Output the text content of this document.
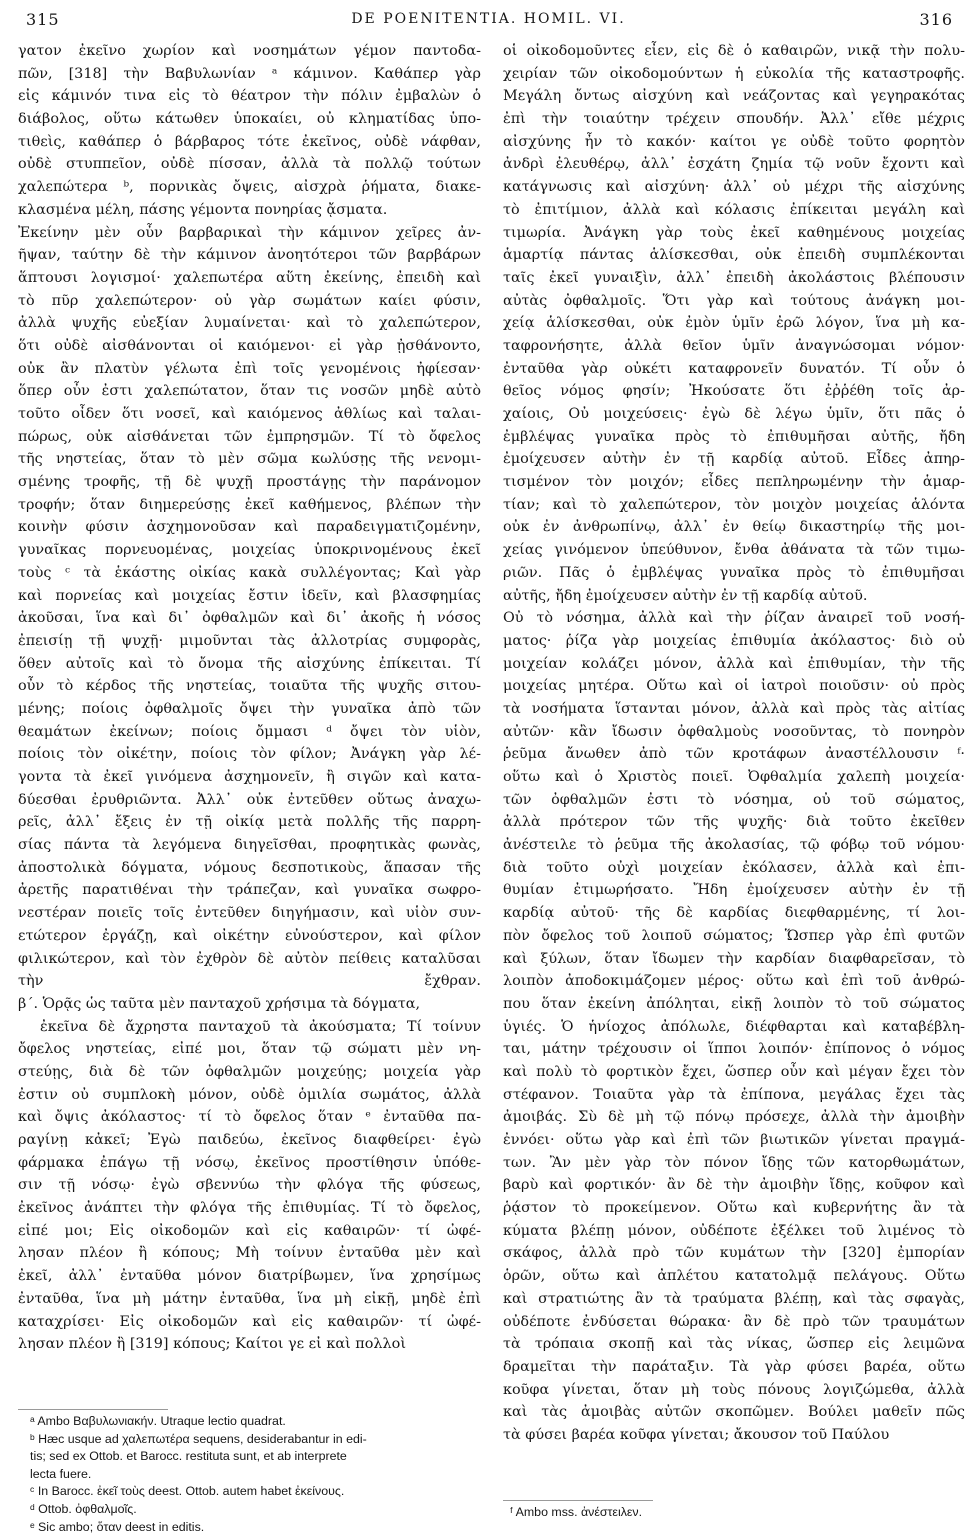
315	DE POENITENTIA. HOMIL. VI.	316
γατον ἐκεῖνο χωρίον καὶ νοσημάτων γέμον παντοδα-
πῶν, [318] τὴν Βαβυλωνίαν ᵃ κάμινον. Καθάπερ γὰρ
εἰς κάμινόν τινα εἰς τὸ θέατρον τὴν πόλιν ἐμβαλὼν ὁ
διάβολος, οὕτω κάτωθεν ὑποκαίει, οὐ κληματίδας ὑπο-
τιθεὶς, καθάπερ ὁ βάρβαρος τότε ἐκεῖνος, οὐδὲ νάφθαν,
οὐδὲ στυππεῖον, οὐδὲ πίσσαν, ἀλλὰ τὰ πολλῷ τούτων
χαλεπώτερα ᵇ, πορνικὰς ὄψεις, αἰσχρὰ ῥήματα, διακε-
κλασμένα μέλη, πάσης γέμοντα πονηρίας ᾄσματα.
Ἐκείνην μὲν οὖν βαρβαρικαὶ τὴν κάμινον χεῖρες ἀν-
ῆψαν, ταύτην δὲ τὴν κάμινον ἀνοητότεροι τῶν βαρβάρων
ἅπτουσι λογισμοί· χαλεπωτέρα αὕτη ἐκείνης, ἐπειδὴ καὶ
τὸ πῦρ χαλεπώτερον· οὐ γὰρ σωμάτων καίει φύσιν,
ἀλλὰ ψυχῆς εὐεξίαν λυμαίνεται· καὶ τὸ χαλεπώτερον,
ὅτι οὐδὲ αἰσθάνονται οἱ καιόμενοι· εἰ γὰρ ᾐσθάνοντο,
οὐκ ἂν πλατὺν γέλωτα ἐπὶ τοῖς γενομένοις ἠφίεσαν·
ὅπερ οὖν ἐστι χαλεπώτατον, ὅταν τις νοσῶν μηδὲ αὐτὸ
τοῦτο οἶδεν ὅτι νοσεῖ, καὶ καιόμενος ἀθλίως καὶ ταλαι-
πώρως, οὐκ αἰσθάνεται τῶν ἐμπρησμῶν. Τί τὸ ὄφελος
τῆς νηστείας, ὅταν τὸ μὲν σῶμα κωλύσῃς τῆς νενομι-
σμένης τροφῆς, τῇ δὲ ψυχῇ προστάγῃς τὴν παράνομον
τροφήν; ὅταν διημερεύσῃς ἐκεῖ καθήμενος, βλέπων τὴν
κοινὴν φύσιν ἀσχημονοῦσαν καὶ παραδειγματιζομένην,
γυναῖκας πορνευομένας, μοιχείας ὑποκρινομένους ἐκεῖ
τοὺς ᶜ τὰ ἑκάστης οἰκίας κακὰ συλλέγοντας; Καὶ γὰρ
καὶ πορνείας καὶ μοιχείας ἔστιν ἰδεῖν, καὶ βλασφημίας
ἀκοῦσαι, ἵνα καὶ δι᾽ ὀφθαλμῶν καὶ δι᾽ ἀκοῆς ἡ νόσος
ἐπεισίῃ τῇ ψυχῇ· μιμοῦνται τὰς ἀλλοτρίας συμφορὰς,
ὅθεν αὐτοῖς καὶ τὸ ὄνομα τῆς αἰσχύνης ἐπίκειται. Τί
οὖν τὸ κέρδος τῆς νηστείας, τοιαῦτα τῆς ψυχῆς σιτου-
μένης; ποίοις ὀφθαλμοῖς ὄψει τὴν γυναῖκα ἀπὸ τῶν
θεαμάτων ἐκείνων; ποίοις ὄμμασι ᵈ ὄψει τὸν υἱὸν,
ποίοις τὸν οἰκέτην, ποίοις τὸν φίλον; Ἀνάγκη γὰρ λέ-
γοντα τὰ ἐκεῖ γινόμενα ἀσχημονεῖν, ἢ σιγῶν καὶ κατα-
δύεσθαι ἐρυθριῶντα. Ἀλλ᾽ οὐκ ἐντεῦθεν οὕτως ἀναχω-
ρεῖς, ἀλλ᾽ ἔξεις ἐν τῇ οἰκίᾳ μετὰ πολλῆς τῆς παρρη-
σίας πάντα τὰ λεγόμενα διηγεῖσθαι, προφητικὰς φωνὰς,
ἀποστολικὰ δόγματα, νόμους δεσποτικοὺς, ἅπασαν τῆς
ἀρετῆς παρατιθέναι τὴν τράπεζαν, καὶ γυναῖκα σωφρο-
νεστέραν ποιεῖς τοῖς ἐντεῦθεν διηγήμασιν, καὶ υἱὸν συν-
ετώτερον ἐργάζῃ, καὶ οἰκέτην εὐνούστερον, καὶ φίλον
φιλικώτερον, καὶ τὸν ἐχθρὸν δὲ αὐτὸν πείθεις καταλῦσαι
τὴν ἔχθραν.
β΄. Ὁρᾷς ὡς ταῦτα μὲν πανταχοῦ χρήσιμα τὰ δόγματα,
ἐκεῖνα δὲ ἄχρηστα πανταχοῦ τὰ ἀκούσματα; Τί τοίνυν
ὄφελος νηστείας, εἰπέ μοι, ὅταν τῷ σώματι μὲν νη-
στεύῃς, διὰ δὲ τῶν ὀφθαλμῶν μοιχεύῃς; μοιχεία γὰρ
ἐστιν οὐ συμπλοκὴ μόνον, οὐδὲ ὁμιλία σωμάτος, ἀλλὰ
καὶ ὄψις ἀκόλαστος· τί τὸ ὄφελος ὅταν ᵉ ἐνταῦθα πα-
ραγίνῃ κἀκεῖ; Ἐγὼ παιδεύω, ἐκεῖνος διαφθείρει· ἐγὼ
φάρμακα ἐπάγω τῇ νόσῳ, ἐκεῖνος προστίθησιν ὑπόθε-
σιν τῇ νόσῳ· ἐγὼ σβεννύω τὴν φλόγα τῆς φύσεως,
ἐκεῖνος ἀνάπτει τὴν φλόγα τῆς ἐπιθυμίας. Τί τὸ ὄφελος,
εἰπέ μοι; Εἰς οἰκοδομῶν καὶ εἰς καθαιρῶν· τί ὠφέ-
λησαν πλέον ἢ κόπους; Μὴ τοίνυν ἐνταῦθα μὲν καὶ
ἐκεῖ, ἀλλ᾽ ἐνταῦθα μόνον διατρίβωμεν, ἵνα χρησίμως
ἐνταῦθα, ἵνα μὴ μάτην ἐνταῦθα, ἵνα μὴ εἰκῇ, μηδὲ ἐπὶ
καταχρίσει· Εἰς οἰκοδομῶν καὶ εἰς καθαιρῶν· τί ὠφέ-
λησαν πλέον ἢ [319] κόπους; Καίτοι γε εἰ καὶ πολλοὶ
οἱ οἰκοδομοῦντες εἶεν, εἰς δὲ ὁ καθαιρῶν, νικᾷ τὴν πολυ-
χειρίαν τῶν οἰκοδομούντων ἡ εὐκολία τῆς καταστροφῆς.
Μεγάλη ὄντως αἰσχύνη καὶ νεάζοντας καὶ γεγηρακότας
ἐπὶ τὴν τοιαύτην τρέχειν σπουδήν. Ἀλλ᾽ εἴθε μέχρις
αἰσχύνης ἦν τὸ κακόν· καίτοι γε οὐδὲ τοῦτο φορητὸν
ἀνδρὶ ἐλευθέρῳ, ἀλλ᾽ ἐσχάτη ζημία τῷ νοῦν ἔχοντι καὶ
κατάγνωσις καὶ αἰσχύνη· ἀλλ᾽ οὐ μέχρι τῆς αἰσχύνης
τὸ ἐπιτίμιον, ἀλλὰ καὶ κόλασις ἐπίκειται μεγάλη καὶ
τιμωρία. Ἀνάγκη γὰρ τοὺς ἐκεῖ καθημένους μοιχείας
ἁμαρτίᾳ πάντας ἁλίσκεσθαι, οὐκ ἐπειδὴ συμπλέκονται
ταῖς ἐκεῖ γυναιξὶν, ἀλλ᾽ ἐπειδὴ ἀκολάστοις βλέπουσιν
αὐτὰς ὀφθαλμοῖς. Ὅτι γὰρ καὶ τούτους ἀνάγκη μοι-
χείᾳ ἁλίσκεσθαι, οὐκ ἐμὸν ὑμῖν ἐρῶ λόγον, ἵνα μὴ κα-
ταφρονήσητε, ἀλλὰ θεῖον ὑμῖν ἀναγνώσομαι νόμον·
ἐνταῦθα γὰρ οὐκέτι καταφρονεῖν δυνατόν. Τί οὖν ὁ
θεῖος νόμος φησίν; Ἠκούσατε ὅτι ἐῤῥέθη τοῖς ἀρ-
χαίοις, Οὐ μοιχεύσεις· ἐγὼ δὲ λέγω ὑμῖν, ὅτι πᾶς ὁ
ἐμβλέψας γυναῖκα πρὸς τὸ ἐπιθυμῆσαι αὐτῆς, ἤδη
ἐμοίχευσεν αὐτὴν ἐν τῇ καρδίᾳ αὐτοῦ. Εἶδες ἀπηρ-
τισμένον τὸν μοιχόν; εἶδες πεπληρωμένην τὴν ἁμαρ-
τίαν; καὶ τὸ χαλεπώτερον, τὸν μοιχὸν μοιχείας ἁλόντα
οὐκ ἐν ἀνθρωπίνῳ, ἀλλ᾽ ἐν θείῳ δικαστηρίῳ τῆς μοι-
χείας γινόμενον ὑπεύθυνον, ἔνθα ἀθάνατα τὰ τῶν τιμω-
ριῶν. Πᾶς ὁ ἐμβλέψας γυναῖκα πρὸς τὸ ἐπιθυμῆσαι
αὐτῆς, ἤδη ἐμοίχευσεν αὐτὴν ἐν τῇ καρδίᾳ αὐτοῦ.
Οὐ τὸ νόσημα, ἀλλὰ καὶ τὴν ῥίζαν ἀναιρεῖ τοῦ νοσή-
ματος· ῥίζα γὰρ μοιχείας ἐπιθυμία ἀκόλαστος· διὸ οὐ
μοιχείαν κολάζει μόνον, ἀλλὰ καὶ ἐπιθυμίαν, τὴν τῆς
μοιχείας μητέρα. Οὕτω καὶ οἱ ἰατροὶ ποιοῦσιν· οὐ πρὸς
τὰ νοσήματα ἵστανται μόνον, ἀλλὰ καὶ πρὸς τὰς αἰτίας
αὐτῶν· κἂν ἴδωσιν ὀφθαλμοὺς νοσοῦντας, τὸ πονηρὸν
ῥεῦμα ἄνωθεν ἀπὸ τῶν κροτάφων ἀναστέλλουσιν ᶠ·
οὕτω καὶ ὁ Χριστὸς ποιεῖ. Ὀφθαλμία χαλεπὴ μοιχεία·
τῶν ὀφθαλμῶν ἐστι τὸ νόσημα, οὐ τοῦ σώματος,
ἀλλὰ πρότερον τῶν τῆς ψυχῆς· διὰ τοῦτο ἐκεῖθεν
ἀνέστειλε τὸ ῥεῦμα τῆς ἀκολασίας, τῷ φόβῳ τοῦ νόμου·
διὰ τοῦτο οὐχὶ μοιχείαν ἐκόλασεν, ἀλλὰ καὶ ἐπι-
θυμίαν ἐτιμωρήσατο. Ἤδη ἐμοίχευσεν αὐτὴν ἐν τῇ
καρδίᾳ αὐτοῦ· τῆς δὲ καρδίας διεφθαρμένης, τί λοι-
πὸν ὄφελος τοῦ λοιποῦ σώματος; Ὥσπερ γὰρ ἐπὶ φυτῶν
καὶ ξύλων, ὅταν ἴδωμεν τὴν καρδίαν διαφθαρεῖσαν, τὸ
λοιπὸν ἀποδοκιμάζομεν μέρος· οὕτω καὶ ἐπὶ τοῦ ἀνθρώ-
που ὅταν ἐκείνη ἀπόληται, εἰκῇ λοιπὸν τὸ τοῦ σώματος
ὑγιές. Ὁ ἡνίοχος ἀπόλωλε, διέφθαρται καὶ καταβέβλη-
ται, μάτην τρέχουσιν οἱ ἵπποι λοιπόν· ἐπίπονος ὁ νόμος
καὶ πολὺ τὸ φορτικὸν ἔχει, ὥσπερ οὖν καὶ μέγαν ἔχει τὸν
στέφανον. Τοιαῦτα γὰρ τὰ ἐπίπονα, μεγάλας ἔχει τὰς
ἀμοιβάς. Σὺ δὲ μὴ τῷ πόνῳ πρόσεχε, ἀλλὰ τὴν ἀμοιβὴν
ἐννόει· οὕτω γὰρ καὶ ἐπὶ τῶν βιωτικῶν γίνεται πραγμά-
των. Ἂν μὲν γὰρ τὸν πόνον ἴδῃς τῶν κατορθωμάτων,
βαρὺ καὶ φορτικόν· ἂν δὲ τὴν ἀμοιβὴν ἴδῃς, κοῦφον καὶ
ῥᾴστον τὸ προκείμενον. Οὕτω καὶ κυβερνήτης ἂν τὰ
κύματα βλέπῃ μόνον, οὐδέποτε ἐξέλκει τοῦ λιμένος τὸ
σκάφος, ἀλλὰ πρὸ τῶν κυμάτων τὴν [320] ἐμπορίαν
ὁρῶν, οὕτω καὶ ἀπλέτου κατατολμᾷ πελάγους. Οὕτω
καὶ στρατιώτης ἂν τὰ τραύματα βλέπῃ, καὶ τὰς σφαγὰς,
οὐδέποτε ἐνδύσεται θώρακα· ἂν δὲ πρὸ τῶν τραυμάτων
τὰ τρόπαια σκοπῇ καὶ τὰς νίκας, ὥσπερ εἰς λειμῶνα
δραμεῖται τὴν παράταξιν. Τὰ γὰρ φύσει βαρέα, οὕτω
κοῦφα γίνεται, ὅταν μὴ τοὺς πόνους λογιζώμεθα, ἀλλὰ
καὶ τὰς ἀμοιβὰς αὐτῶν σκοπῶμεν. Βούλει μαθεῖν πῶς
τὰ φύσει βαρέα κοῦφα γίνεται; ἄκουσον τοῦ Παύλου
ᵃ Ambo Βαβυλωνιακήν. Utraque lectio quadrat.
ᵇ Hæc usque ad χαλεπωτέρα sequens, desiderabantur in edi-
tis; sed ex Ottob. et Barocc. restituta sunt, et ab interprete
lecta fuere.
ᶜ In Barocc. ἐκεῖ τοὺς deest. Ottob. autem habet ἐκείνους.
ᵈ Ottob. ὀφθαλμοῖς.
ᵉ Sic ambo; ὅταν deest in editis.
ᶠ Ambo mss. ἀνέστειλεν.
